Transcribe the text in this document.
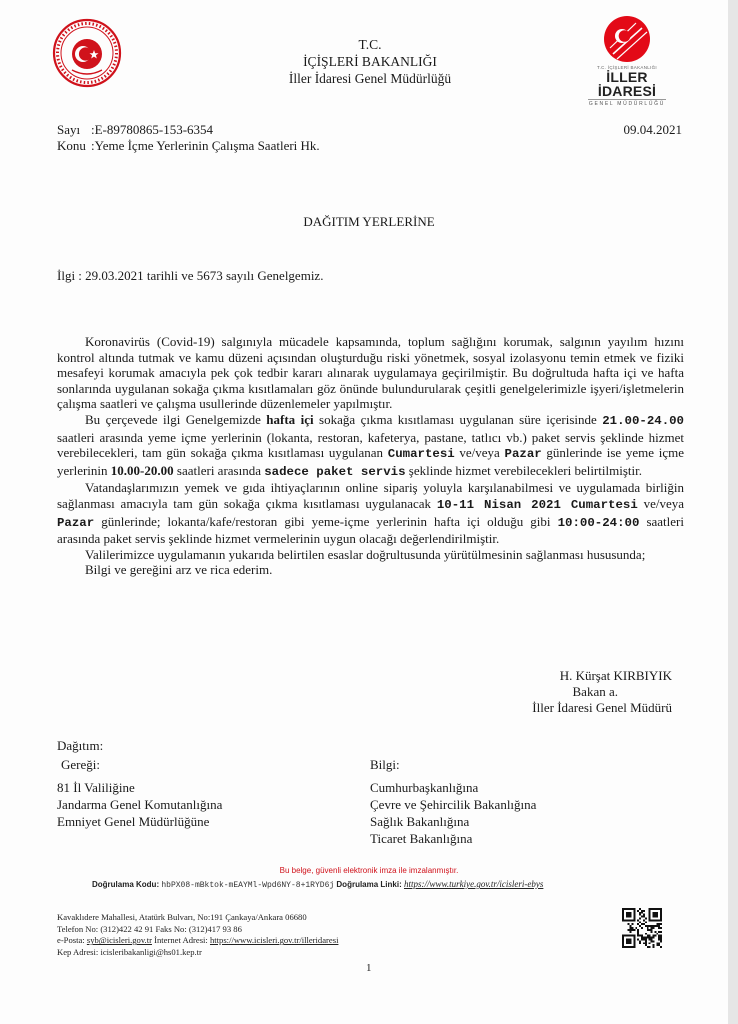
T.C.
İÇİŞLERİ BAKANLIĞI
İller İdaresi Genel Müdürlüğü
T.C. İÇİŞLERİ BAKANLIĞI
İLLER İDARESİ
GENEL MÜDÜRLÜĞÜ
Sayı :E-89780865-153-6354
Konu :Yeme İçme Yerlerinin Çalışma Saatleri Hk.
09.04.2021
DAĞITIM YERLERİNE
İlgi : 29.03.2021 tarihli ve 5673 sayılı Genelgemiz.

Koronavirüs (Covid-19) salgınıyla mücadele kapsamında, toplum sağlığını korumak, salgının yayılım hızını kontrol altında tutmak ve kamu düzeni açısından oluşturduğu riski yönetmek, sosyal izolasyonu temin etmek ve fiziki mesafeyi korumak amacıyla pek çok tedbir kararı alınarak uygulamaya geçirilmiştir. Bu doğrultuda hafta içi ve hafta sonlarında uygulanan sokağa çıkma kısıtlamaları göz önünde bulundurularak çeşitli genelgelerimizle işyeri/işletmelerin çalışma saatleri ve çalışma usullerinde düzenlemeler yapılmıştır.

Bu çerçevede ilgi Genelgemizde hafta içi sokağa çıkma kısıtlaması uygulanan süre içerisinde 21.00-24.00 saatleri arasında yeme içme yerlerinin (lokanta, restoran, kafeterya, pastane, tatlıcı vb.) paket servis şeklinde hizmet verebilecekleri, tam gün sokağa çıkma kısıtlaması uygulanan Cumartesi ve/veya Pazar günlerinde ise yeme içme yerlerinin 10.00-20.00 saatleri arasında sadece paket servis şeklinde hizmet verebilecekleri belirtilmiştir.

Vatandaşlarımızın yemek ve gıda ihtiyaçlarının online sipariş yoluyla karşılanabilmesi ve uygulamada birliğin sağlanması amacıyla tam gün sokağa çıkma kısıtlaması uygulanacak 10-11 Nisan 2021 Cumartesi ve/veya Pazar günlerinde; lokanta/kafe/restoran gibi yeme-içme yerlerinin hafta içi olduğu gibi 10:00-24:00 saatleri arasında paket servis şeklinde hizmet vermelerinin uygun olacağı değerlendirilmiştir.

Valilerimizce uygulamanın yukarıda belirtilen esaslar doğrultusunda yürütülmesinin sağlanması hususunda;

Bilgi ve gereğini arz ve rica ederim.

H. Kürşat KIRBIYIK
Bakan a.
İller İdaresi Genel Müdürü
Dağıtım:
Gereği:
81 İl Valiliğine
Jandarma Genel Komutanlığına
Emniyet Genel Müdürlüğüne
Bilgi:
Cumhurbaşkanlığına
Çevre ve Şehircilik Bakanlığına
Sağlık Bakanlığına
Ticaret Bakanlığına
Bu belge, güvenli elektronik imza ile imzalanmıştır.
Doğrulama Kodu: hbPX08-mBktok-mEAYMl-Wpd6NY-8+1RYD6j Doğrulama Linki: https://www.turkiye.gov.tr/icisleri-ebys
Kavaklıdere Mahallesi, Atatürk Bulvarı, No:191 Çankaya/Ankara 06680
Telefon No: (312)422 42 91 Faks No: (312)417 93 86
e-Posta: syb@icisleri.gov.tr İnternet Adresi: https://www.icisleri.gov.tr/illeridaresi
Kep Adresi: icisleribakanligi@hs01.kep.tr
1
